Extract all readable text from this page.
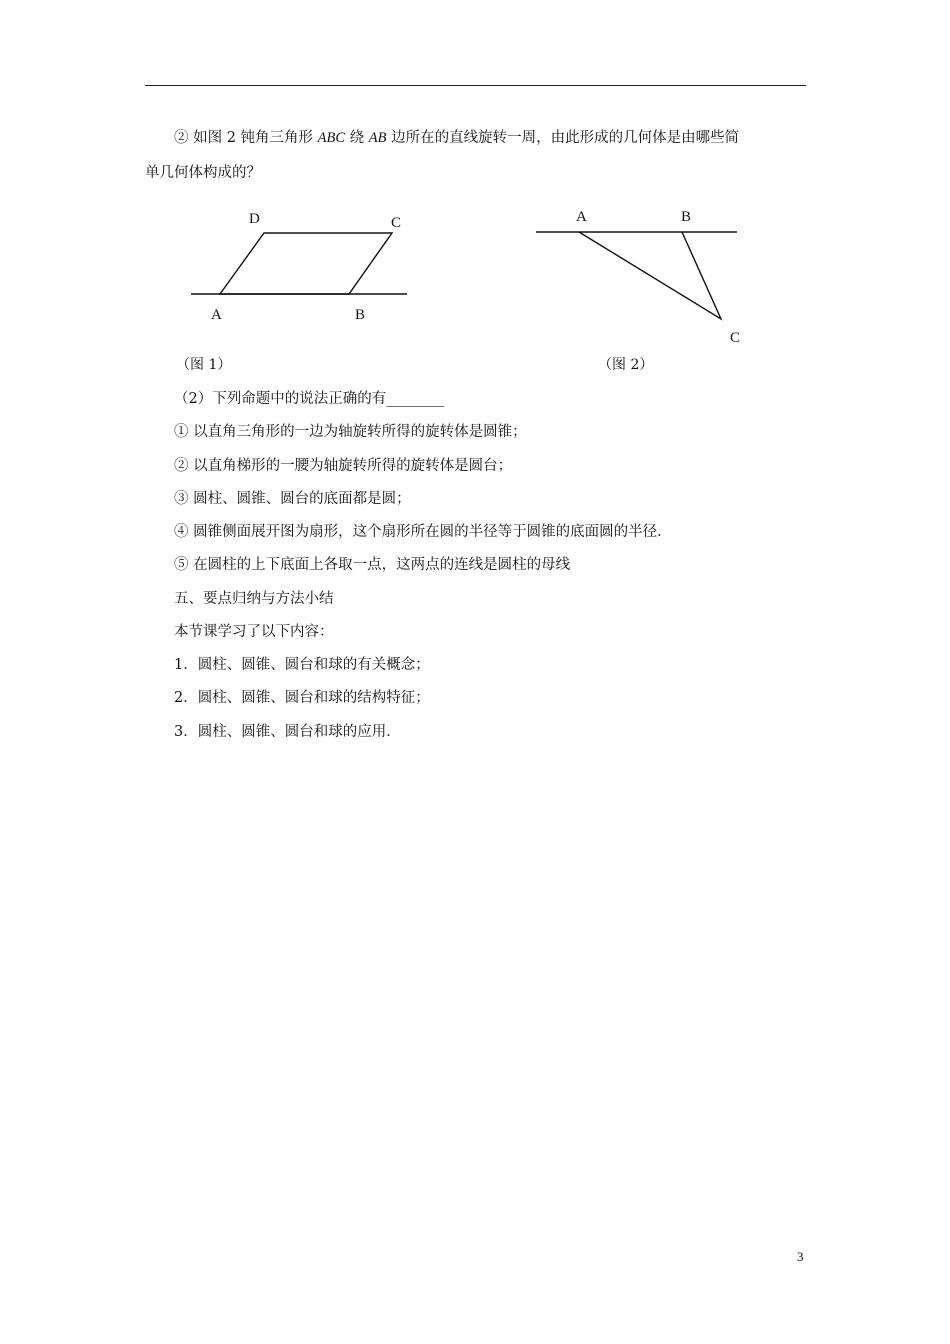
② 如图 2 钝角三角形 ABC 绕 AB 边所在的直线旋转一周，由此形成的几何体是由哪些简
单几何体构成的？
D	C
A	B
A	B
C
（图 1）	（图 2）
（2）下列命题中的说法正确的有________
① 以直角三角形的一边为轴旋转所得的旋转体是圆锥；
② 以直角梯形的一腰为轴旋转所得的旋转体是圆台；
③ 圆柱、圆锥、圆台的底面都是圆；
④ 圆锥侧面展开图为扇形，这个扇形所在圆的半径等于圆锥的底面圆的半径．
⑤ 在圆柱的上下底面上各取一点，这两点的连线是圆柱的母线
五、要点归纳与方法小结
本节课学习了以下内容：
1．圆柱、圆锥、圆台和球的有关概念；
2．圆柱、圆锥、圆台和球的结构特征；
3．圆柱、圆锥、圆台和球的应用．
3
